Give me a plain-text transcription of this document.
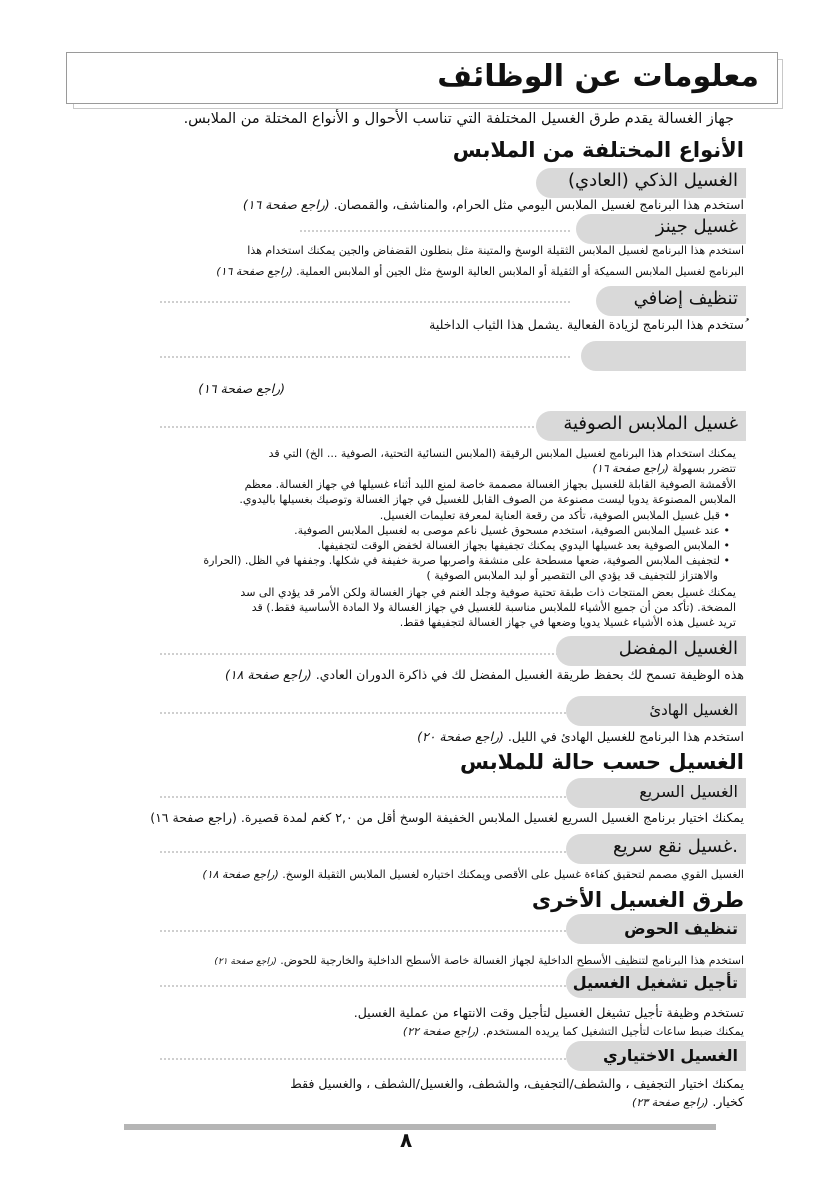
معلومات عن الوظائف
جهاز الغسالة يقدم طرق الغسيل المختلفة التي تناسب الأحوال و الأنواع المختلة من الملابس.
الأنواع المختلفة من الملابس
الغسيل الذكي (العادي)
استخدم هذا البرنامج لغسيل الملابس اليومي مثل الحرام، والمناشف، والقمصان. (راجع صفحة ١٦)
غسيل جينز
استخدم هذا البرنامج لغسيل الملابس الثقيلة الوسخ والمتينة مثل بنطلون القضفاض والجين يمكنك استخدام هذا
البرنامج لغسيل الملابس السميكة أو الثقيلة أو الملابس العالية الوسخ مثل الجين أو الملابس العملية. (راجع صفحة ١٦)
تنظيف إضافي
ُستخدم هذا البرنامج لزيادة الفعالية .يشمل هذا الثياب الداخلية
(راجع صفحة ١٦)
غسيل الملابس الصوفية
يمكنك استخدام هذا البرنامج لغسيل الملابس الرقيقة (الملابس النسائية التحتية، الصوفية ... الخ) التي قد
تتضرر بسهولة (راجع صفحة ١٦)
الأقمشة الصوفية القابلة للغسيل بجهاز الغسالة مصممة خاصة لمنع اللبد أثناء غسيلها في جهاز الغسالة. معظم
الملابس المصنوعة يدويا ليست مصنوعة من الصوف القابل للغسيل في جهاز الغسالة وتوصيك بغسيلها باليدوي.
• قبل غسيل الملابس الصوفية، تأكد من رقعة العناية لمعرفة تعليمات الغسيل.
• عند غسيل الملابس الصوفية، استخدم مسحوق غسيل ناعم موصى به لغسيل الملابس الصوفية.
• الملابس الصوفية بعد غسيلها اليدوي يمكنك تجفيفها بجهاز الغسالة لخفض الوقت لتجفيفها.
• لتجفيف الملابس الصوفية، ضعها مسطحة على منشفة واصربها صربة خفيفة في شكلها. وجففها في الظل. (الحرارة
والاهتزاز للتجفيف قد يؤدي الى التقصير أو لبد الملابس الصوفية )
يمكنك غسيل بعض المنتجات ذات طبقة تحتية صوفية وجلد الغنم في جهاز الغسالة ولكن الأمر قد يؤدي الى سد
المضخة. (تأكد من أن جميع الأشياء للملابس مناسبة للغسيل في جهاز الغسالة ولا المادة الأساسية فقط.) قد
تريد غسيل هذه الأشياء غسيلا يدويا وضعها في جهاز الغسالة لتجفيفها فقط.
الغسيل المفضل
هذه الوظيفة تسمح لك بحفظ طريقة الغسيل المفضل لك في ذاكرة الدوران العادي. (راجع صفحة ١٨)
الغسيل الهادئ
استخدم هذا البرنامج للغسيل الهادئ في الليل. (راجع صفحة ٢٠)
الغسيل حسب حالة للملابس
الغسيل السريع
يمكنك اختيار برنامج الغسيل السريع لغسيل الملابس الخفيفة الوسخ أقل من ٢,٠ كغم لمدة قصيرة. (راجع صفحة ١٦)
.غسيل نقع سريع
الغسيل القوي مصمم لتحقيق كفاءة غسيل على الأقصى ويمكنك اختياره لغسيل الملابس الثقيلة الوسخ. (راجع صفحة ١٨)
طرق الغسيل الأخرى
تنظيف الحوض
استخدم هذا البرنامج لتنظيف الأسطح الداخلية لجهاز الغسالة خاصة الأسطح الداخلية والخارجية للحوض. (راجع صفحة ٢١)
تأجيل تشغيل الغسيل
تستخدم وظيفة تأجيل تشيغل الغسيل لتأجيل وقت الانتهاء من عملية الغسيل.
يمكنك ضبط ساعات لتأجيل التشغيل كما يريده المستخدم. (راجع صفحة ٢٢)
الغسيل الاختياري
يمكنك اختيار التجفيف ، والشطف/التجفيف، والشطف، والغسيل/الشطف ، والغسيل فقط
كخيار. (راجع صفحة ٢٣)
٨
